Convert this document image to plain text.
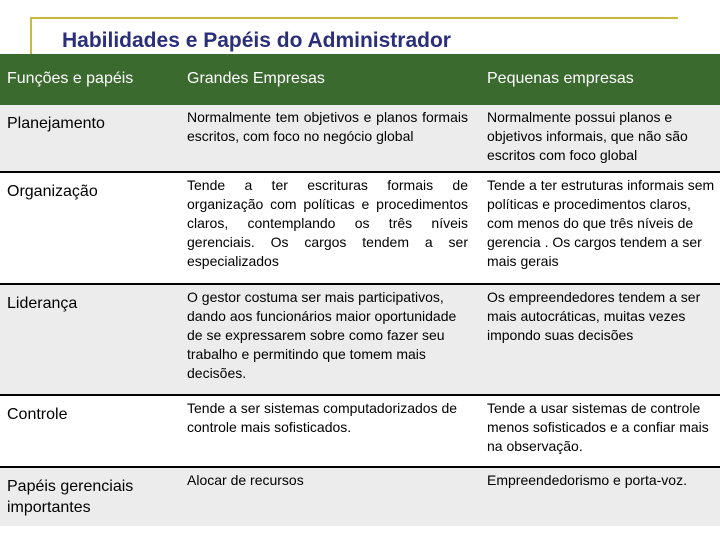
Habilidades e Papéis do Administrador
Funções e papéis	Grandes Empresas	Pequenas empresas
Planejamento	Normalmente tem objetivos e planos formais escritos, com foco no negócio global	Normalmente possui planos e objetivos informais, que não são escritos com foco global
Organização	Tende a ter escrituras formais de organização com políticas e procedimentos claros, contemplando os três níveis gerenciais. Os cargos tendem a ser especializados	Tende a ter estruturas informais sem políticas e procedimentos claros, com menos do que três níveis de gerencia . Os cargos tendem a ser mais gerais
Liderança	O gestor costuma ser mais participativos, dando aos funcionários maior oportunidade de se expressarem sobre como fazer seu trabalho e permitindo que tomem mais decisões.	Os empreendedores tendem a ser mais autocráticas, muitas vezes impondo suas decisões
Controle	Tende a ser sistemas computadorizados de controle mais sofisticados.	Tende a usar sistemas de controle menos sofisticados e a confiar mais na observação.
Papéis gerenciais importantes	Alocar de recursos	Empreendedorismo e porta-voz.
